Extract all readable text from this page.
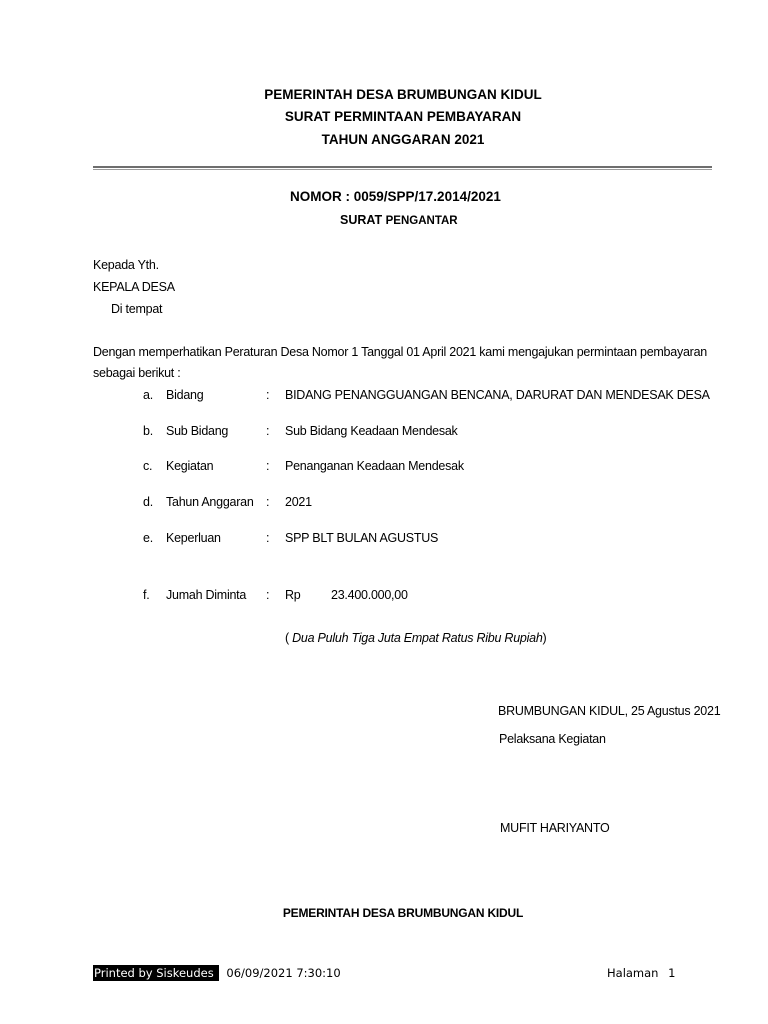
PEMERINTAH DESA BRUMBUNGAN KIDUL
SURAT PERMINTAAN PEMBAYARAN
TAHUN ANGGARAN 2021
NOMOR : 0059/SPP/17.2014/2021
SURAT PENGANTAR
Kepada Yth.
KEPALA DESA
Di tempat
Dengan memperhatikan Peraturan Desa Nomor 1 Tanggal 01 April 2021 kami mengajukan permintaan pembayaran
sebagai berikut :
a. Bidang	: BIDANG PENANGGUANGAN BENCANA, DARURAT DAN MENDESAK DESA
b. Sub Bidang	: Sub Bidang Keadaan Mendesak
c. Kegiatan	: Penanganan Keadaan Mendesak
d. Tahun Anggaran : 2021
e. Keperluan	: SPP BLT BULAN AGUSTUS
f. Jumah Diminta : Rp 23.400.000,00
( Dua Puluh Tiga Juta Empat Ratus Ribu Rupiah)
BRUMBUNGAN KIDUL, 25 Agustus 2021
Pelaksana Kegiatan
MUFIT HARIYANTO
PEMERINTAH DESA BRUMBUNGAN KIDUL
Printed by Siskeudes 06/09/2021 7:30:10	Halaman 1
